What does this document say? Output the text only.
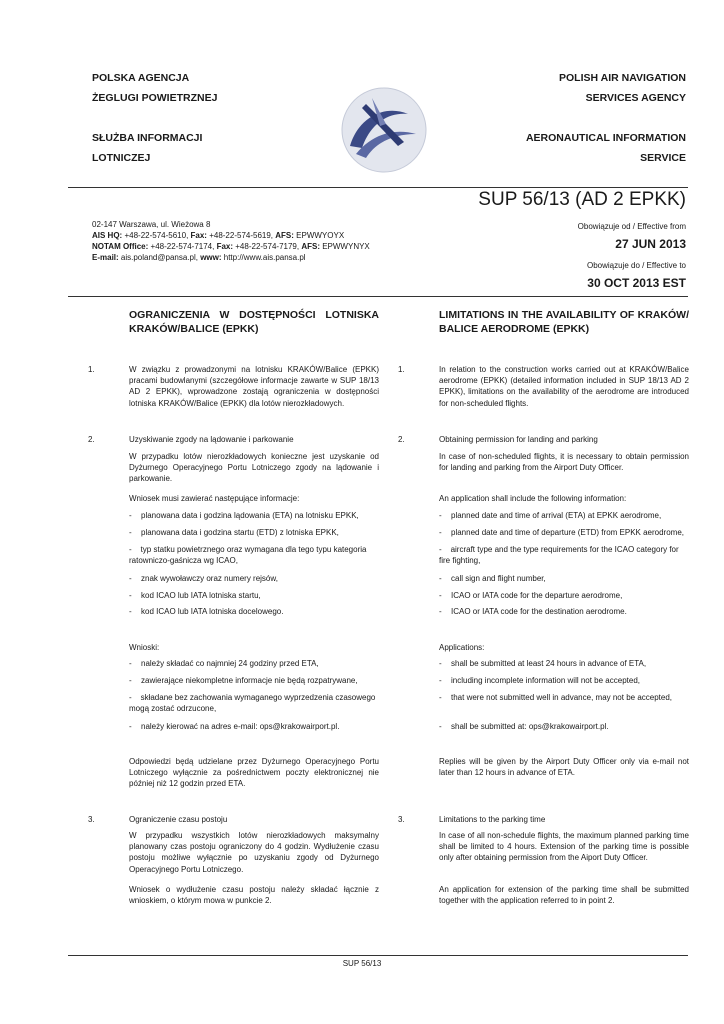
POLSKA AGENCJA
ŻEGLUGI POWIETRZNEJ
SŁUŻBA INFORMACJI
LOTNICZEJ
POLISH AIR NAVIGATION
SERVICES AGENCY
AERONAUTICAL INFORMATION
SERVICE
SUP 56/13 (AD 2 EPKK)
02-147 Warszawa, ul. Wieżowa 8
AIS HQ: +48-22-574-5610, Fax: +48-22-574-5619, AFS: EPWWYOYX
NOTAM Office: +48-22-574-7174, Fax: +48-22-574-7179, AFS: EPWWYNYX
E-mail: ais.poland@pansa.pl, www: http://www.ais.pansa.pl
Obowiązuje od / Effective from
27 JUN 2013
Obowiązuje do / Effective to
30 OCT 2013 EST
OGRANICZENIA W DOSTĘPNOŚCI LOTNISKA KRAKÓW/BALICE (EPKK)
LIMITATIONS IN THE AVAILABILITY OF KRAKÓW/ BALICE AERODROME (EPKK)
1.	W związku z prowadzonymi na lotnisku KRAKÓW/Balice (EPKK) pracami budowlanymi (szczegółowe informacje zawarte w SUP 18/13 AD 2 EPKK), wprowadzone zostają ograniczenia w dostępności lotniska KRAKÓW/Balice (EPKK) dla lotów nierozkładowych.
1.	In relation to the construction works carried out at KRAKÓW/Balice aerodrome (EPKK) (detailed information included in SUP 18/13 AD 2 EPKK), limitations on the availability of the aerodrome are introduced for non-scheduled flights.
2.	Uzyskiwanie zgody na lądowanie i parkowanie
W przypadku lotów nierozkładowych konieczne jest uzyskanie od Dyżurnego Operacyjnego Portu Lotniczego zgody na lądowanie i parkowanie.
Wniosek musi zawierać następujące informacje:
-	planowana data i godzina lądowania (ETA) na lotnisku EPKK,
-	planowana data i godzina startu (ETD) z lotniska EPKK,
- typ statku powietrznego oraz wymagana dla tego typu kategoria ratowniczo-gaśnicza wg ICAO,
-	znak wywoławczy oraz numery rejsów,
-	kod ICAO lub IATA lotniska startu,
-	kod ICAO lub IATA lotniska docelowego.
Wnioski:
-	należy składać co najmniej 24 godziny przed ETA,
-	zawierające niekompletne informacje nie będą rozpatrywane,
- składane bez zachowania wymaganego wyprzedzenia czasowego mogą zostać odrzucone,
-	należy kierować na adres e-mail: ops@krakowairport.pl.
Odpowiedzi będą udzielane przez Dyżurnego Operacyjnego Portu Lotniczego wyłącznie za pośrednictwem poczty elektronicznej nie później niż 12 godzin przed ETA.
2.	Obtaining permission for landing and parking
In case of non-scheduled flights, it is necessary to obtain permission for landing and parking from the Airport Duty Officer.
An application shall include the following information:
-	planned date and time of arrival (ETA) at EPKK aerodrome,
-	planned date and time of departure (ETD) from EPKK aerodrome,
- aircraft type and the type requirements for the ICAO category for fire fighting,
-	call sign and flight number,
-	ICAO or IATA code for the departure aerodrome,
-	ICAO or IATA code for the destination aerodrome.
Applications:
-	shall be submitted at least 24 hours in advance of ETA,
-	including incomplete information will not be accepted,
-	that were not submitted well in advance, may not be accepted,
-	shall be submitted at: ops@krakowairport.pl.
Replies will be given by the Airport Duty Officer only via e-mail not later than 12 hours in advance of ETA.
3.	Ograniczenie czasu postoju
W przypadku wszystkich lotów nierozkładowych maksymalny planowany czas postoju ograniczony do 4 godzin. Wydłużenie czasu postoju możliwe wyłącznie po uzyskaniu zgody od Dyżurnego Operacyjnego Portu Lotniczego.
Wniosek o wydłużenie czasu postoju należy składać łącznie z wnioskiem, o którym mowa w punkcie 2.
3.	Limitations to the parking time
In case of all non-schedule flights, the maximum planned parking time shall be limited to 4 hours. Extension of the parking time is possible only after obtaining permission from the Aiport Duty Officer.
An application for extension of the parking time shall be submitted together with the application referred to in point 2.
SUP 56/13
